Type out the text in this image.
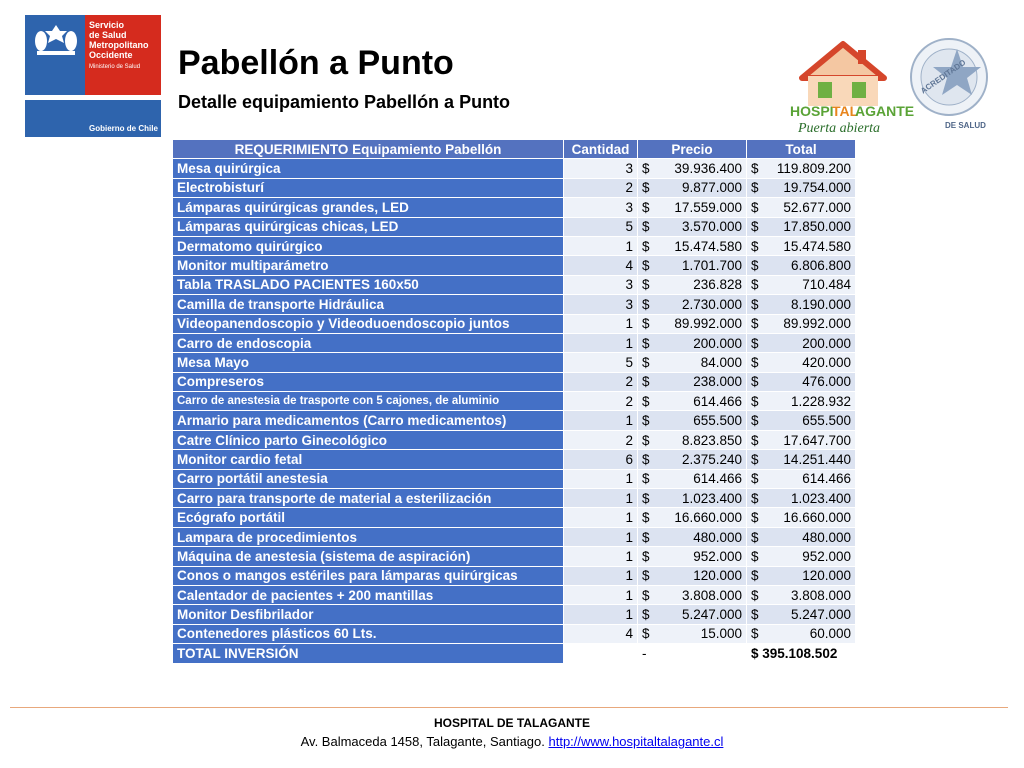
Servicio
de Salud
Metropolitano
Occidente
Ministerio de Salud
Gobierno de Chile
Pabellón a Punto
Detalle equipamiento Pabellón a Punto	HOSPI
TAL
AGANTE
Puerta abierta
ACREDITADO
DE SALUD
REQUERIMIENTO Equipamiento Pabellón	Cantidad	Precio	Total
Mesa quirúrgica	3	$ 39.936.400	$ 119.809.200

Electrobisturí	2	$ 9.877.000	$ 19.754.000

Lámparas quirúrgicas grandes, LED	3	$ 17.559.000	$ 52.677.000

Lámparas quirúrgicas chicas, LED	5	$ 3.570.000	$ 17.850.000

Dermatomo quirúrgico	1	$ 15.474.580	$ 15.474.580

Monitor multiparámetro	4	$ 1.701.700	$ 6.806.800

Tabla TRASLADO PACIENTES 160x50	3	$ 236.828	$ 710.484

Camilla de transporte Hidráulica	3	$ 2.730.000	$ 8.190.000

Videopanendoscopio y Videoduoendoscopio juntos	1	$ 89.992.000	$ 89.992.000

Carro de endoscopia	1	$ 200.000	$ 200.000

Mesa Mayo	5	$ 84.000	$ 420.000

Compreseros	2	$ 238.000	$ 476.000

Carro de anestesia de trasporte con 5 cajones, de aluminio	2	$ 614.466	$ 1.228.932

Armario para medicamentos (Carro medicamentos)	1	$ 655.500	$ 655.500

Catre Clínico parto Ginecológico	2	$ 8.823.850	$ 17.647.700

Monitor cardio fetal	6	$ 2.375.240	$ 14.251.440

Carro portátil anestesia	1	$ 614.466	$ 614.466

Carro para transporte de material a esterilización	1	$ 1.023.400	$ 1.023.400

Ecógrafo portátil	1	$ 16.660.000	$ 16.660.000

Lampara de procedimientos	1	$ 480.000	$ 480.000

Máquina de anestesia (sistema de aspiración)	1	$ 952.000	$ 952.000

Conos o mangos estériles para lámparas quirúrgicas	1	$ 120.000	$ 120.000

Calentador de pacientes + 200 mantillas	1	$ 3.808.000	$ 3.808.000

Monitor Desfibrilador	1	$ 5.247.000	$ 5.247.000

Contenedores plásticos 60 Lts.	4	$ 15.000	$ 60.000

TOTAL INVERSIÓN		-	$ 395.108.502
HOSPITAL DE TALAGANTE
Av. Balmaceda 1458, Talagante, Santiago. http://www.hospitaltalagante.cl
